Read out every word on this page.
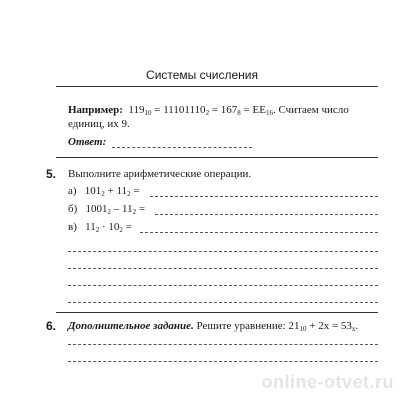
Системы счисления
Например: $119_{10} = 11101110_2 = 167_8 = EE_{16}$. Считаем число
единиц, их 9.
Ответ:
5. Выполните арифметические операции.
а) $101_2 + 11_2$ =
б) $1001_2 - 11_2$ =
в) $11_2 \cdot 10_2$ =
6. Дополнительное задание. Решите уравнение: $21_{10} + 2x = 53_x$.
online-otvet.ru
